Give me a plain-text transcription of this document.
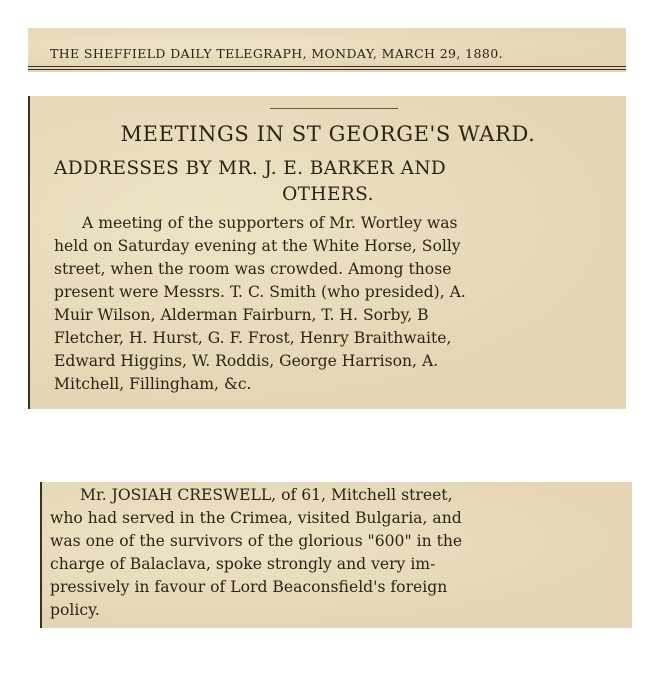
THE SHEFFIELD DAILY TELEGRAPH, MONDAY, MARCH 29, 1880.
MEETINGS IN ST GEORGE'S WARD.
ADDRESSES BY MR. J. E. BARKER AND
OTHERS.
A meeting of the supporters of Mr. Wortley was
held on Saturday evening at the White Horse, Solly
street, when the room was crowded. Among those
present were Messrs. T. C. Smith (who presided), A.
Muir Wilson, Alderman Fairburn, T. H. Sorby, B
Fletcher, H. Hurst, G. F. Frost, Henry Braithwaite,
Edward Higgins, W. Roddis, George Harrison, A.
Mitchell, Fillingham, &c.
Mr. JOSIAH CRESWELL, of 61, Mitchell street,
who had served in the Crimea, visited Bulgaria, and
was one of the survivors of the glorious "600" in the
charge of Balaclava, spoke strongly and very im-
pressively in favour of Lord Beaconsfield's foreign
policy.
